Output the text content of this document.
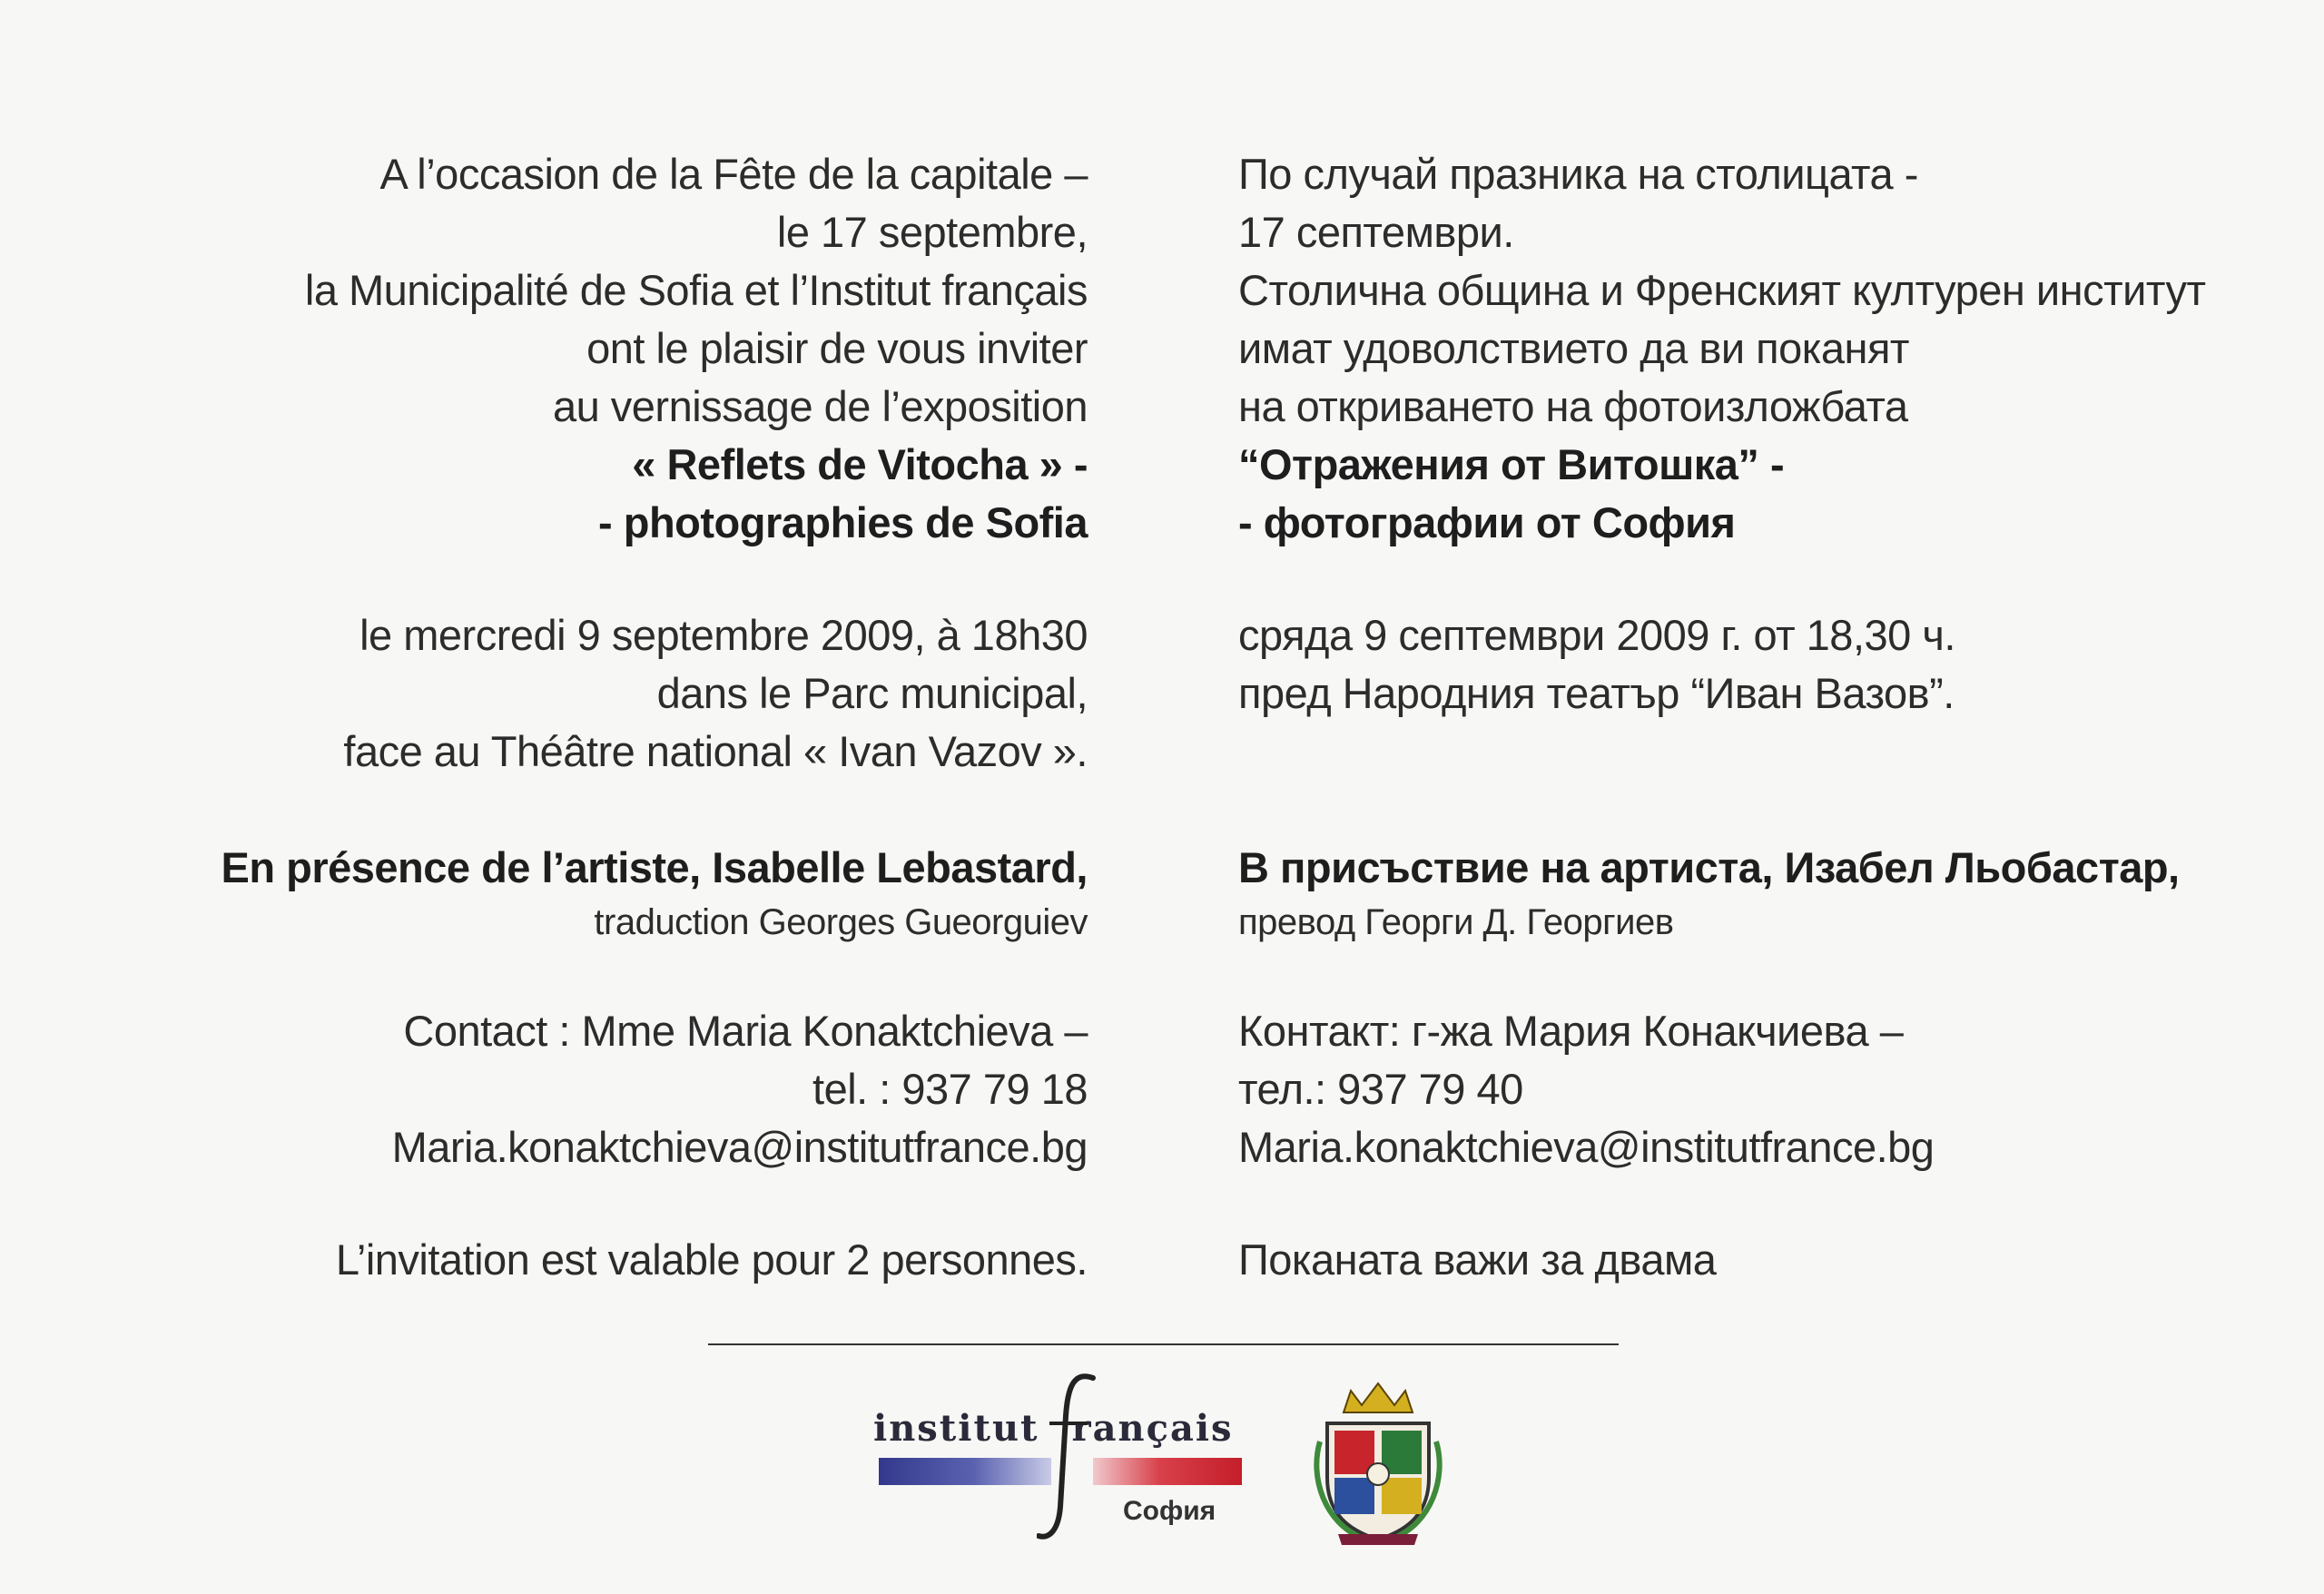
A l’occasion de la Fête de la capitale –
le 17 septembre,
la Municipalité de Sofia et l’Institut français
ont le plaisir de vous inviter
au vernissage de l’exposition
« Reflets de Vitocha » -
- photographies de Sofia
le mercredi 9 septembre 2009, à 18h30
dans le Parc municipal,
face au Théâtre national « Ivan Vazov ».
En présence de l’artiste, Isabelle Lebastard,
traduction Georges Gueorguiev
Contact : Mme Maria Konaktchieva –
tel. : 937 79 18
Maria.konaktchieva@institutfrance.bg
L’invitation est valable pour 2 personnes.
По случай празника на столицата -
17 септември.
Столична община и Френският културен институт
имат удоволствието да ви поканят
на откриването на фотоизложбата
“Отражения от Витошка” -
- фотографии от София
сряда 9 септември 2009 г. от 18,30 ч.
пред Народния театър “Иван Вазов”.
В присъствие на артиста, Изабел Льобастар,
превод Георги Д. Георгиев
Контакт: г-жа Мария Конакчиева –
тел.: 937 79 40
Maria.konaktchieva@institutfrance.bg
Поканата важи за двама
institut rançais
София
